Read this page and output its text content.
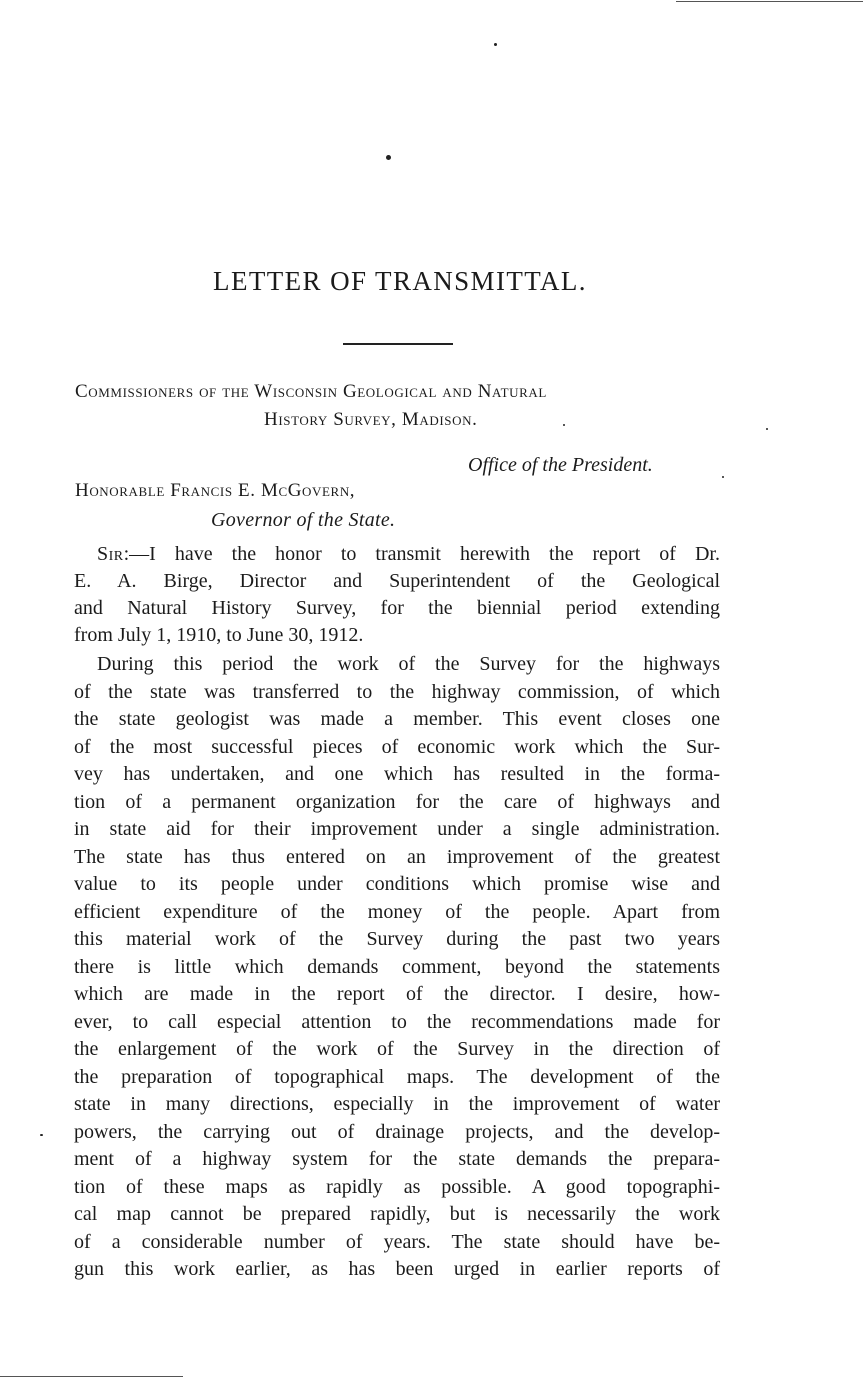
LETTER OF TRANSMITTAL.

Commissioners of the Wisconsin Geological and Natural

History Survey, Madison.

Office of the President.

Honorable Francis E. McGovern,

Governor of the State.

Sir:—I have the honor to transmit herewith the report of Dr.

E. A. Birge, Director and Superintendent of the Geological

and Natural History Survey, for the biennial period extending

from July 1, 1910, to June 30, 1912.

During this period the work of the Survey for the highways

of the state was transferred to the highway commission, of which

the state geologist was made a member. This event closes one

of the most successful pieces of economic work which the Sur-

vey has undertaken, and one which has resulted in the forma-

tion of a permanent organization for the care of highways and

in state aid for their improvement under a single administration.

The state has thus entered on an improvement of the greatest

value to its people under conditions which promise wise and

efficient expenditure of the money of the people. Apart from

this material work of the Survey during the past two years

there is little which demands comment, beyond the statements

which are made in the report of the director. I desire, how-

ever, to call especial attention to the recommendations made for

the enlargement of the work of the Survey in the direction of

the preparation of topographical maps. The development of the

state in many directions, especially in the improvement of water

powers, the carrying out of drainage projects, and the develop-

ment of a highway system for the state demands the prepara-

tion of these maps as rapidly as possible. A good topographi-

cal map cannot be prepared rapidly, but is necessarily the work

of a considerable number of years. The state should have be-

gun this work earlier, as has been urged in earlier reports of
